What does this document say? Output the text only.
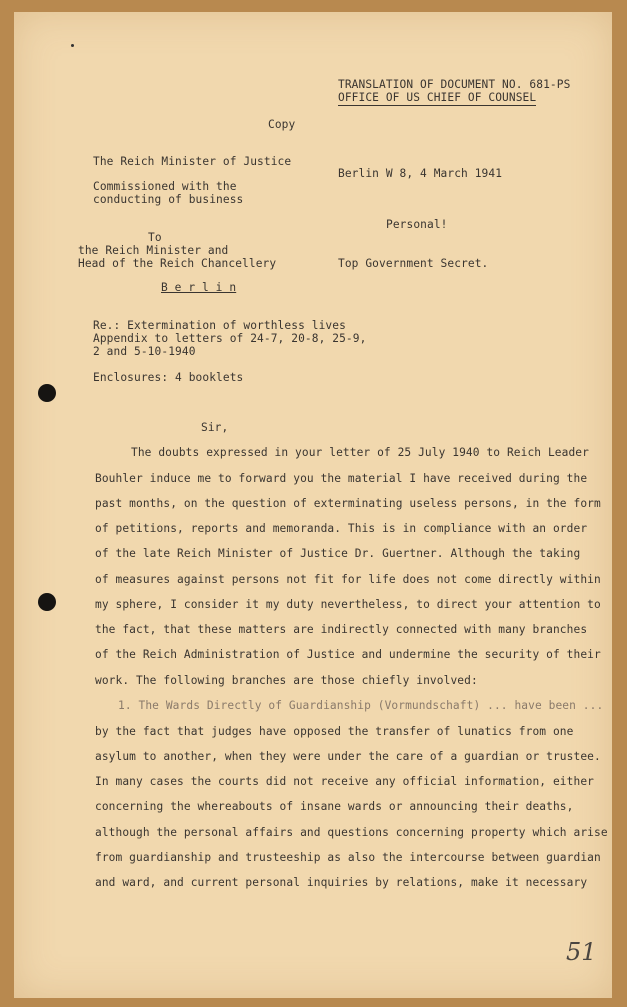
TRANSLATION OF DOCUMENT NO. 681-PS
OFFICE OF US CHIEF OF COUNSEL
Copy
The Reich Minister of Justice
Commissioned with the
conducting of business
Berlin W 8, 4 March 1941
Personal!
To
the Reich Minister and
Head of the Reich Chancellery	Top Government Secret.
B e r l i n
Re.: Extermination of worthless lives
Appendix to letters of 24-7, 20-8, 25-9,
2 and 5-10-1940
Enclosures: 4 booklets
Sir,
The doubts expressed in your letter of 25 July 1940 to Reich Leader
Bouhler induce me to forward you the material I have received during the
past months, on the question of exterminating useless persons, in the form
of petitions, reports and memoranda. This is in compliance with an order
of the late Reich Minister of Justice Dr. Guertner. Although the taking
of measures against persons not fit for life does not come directly within
my sphere, I consider it my duty nevertheless, to direct your attention to
the fact, that these matters are indirectly connected with many branches
of the Reich Administration of Justice and undermine the security of their
work. The following branches are those chiefly involved:
1. The Wards Directly of Guardianship (Vormundschaft) ... have been ...
by the fact that judges have opposed the transfer of lunatics from one
asylum to another, when they were under the care of a guardian or trustee.
In many cases the courts did not receive any official information, either
concerning the whereabouts of insane wards or announcing their deaths,
although the personal affairs and questions concerning property which arise
from guardianship and trusteeship as also the intercourse between guardian
and ward, and current personal inquiries by relations, make it necessary
51
